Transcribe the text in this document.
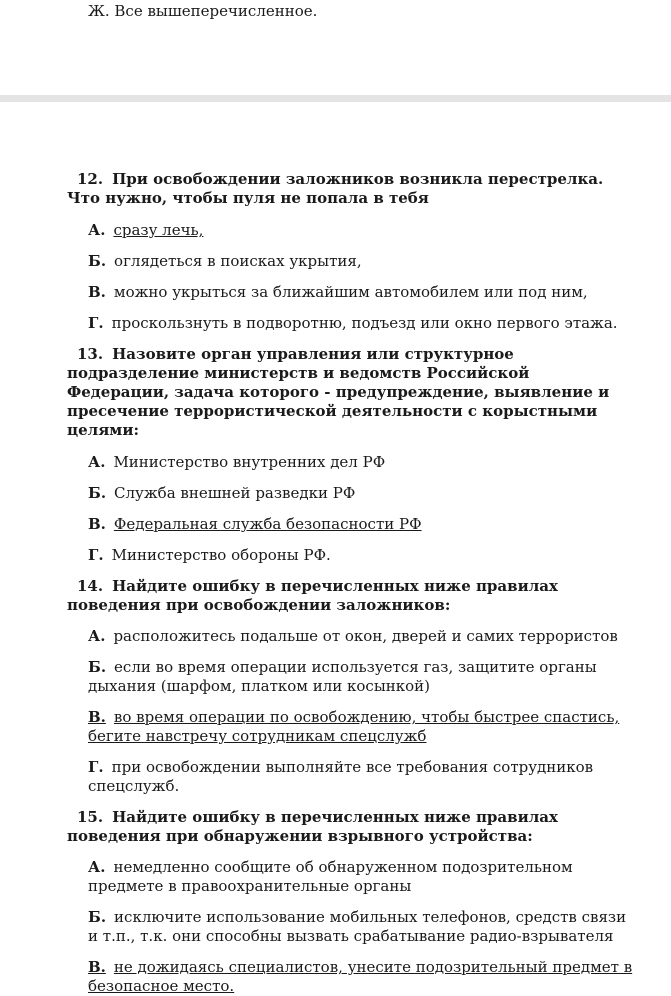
Ж. Все вышеперечисленное.

12. При освобождении заложников возникла перестрелка. Что нужно, чтобы пуля не попала в тебя

А. сразу лечь,

Б. оглядеться в поисках укрытия,

В. можно укрыться за ближайшим автомобилем или под ним,

Г. проскользнуть в подворотню, подъезд или окно первого этажа.

13. Назовите орган управления или структурное подразделение министерств и ведомств Российской Федерации, задача которого - предупреждение, выявление и пресечение террористической деятельности с корыстными целями:

А. Министерство внутренних дел РФ

Б. Служба внешней разведки РФ

В. Федеральная служба безопасности РФ

Г. Министерство обороны РФ.

14. Найдите ошибку в перечисленных ниже правилах поведения при освобождении заложников:

А. расположитесь подальше от окон, дверей и самих террористов

Б. если во время операции используется газ, защитите органы дыхания (шарфом, платком или косынкой)

В. во время операции по освобождению, чтобы быстрее спастись, бегите навстречу сотрудникам спецслужб

Г. при освобождении выполняйте все требования сотрудников спецслужб.

15. Найдите ошибку в перечисленных ниже правилах поведения при обнаружении взрывного устройства:

А. немедленно сообщите об обнаруженном подозрительном предмете в правоохранительные органы

Б. исключите использование мобильных телефонов, средств связи и т.п., т.к. они способны вызвать срабатывание радио-взрывателя

В. не дожидаясь специалистов, унесите подозрительный предмет в безопасное место.
